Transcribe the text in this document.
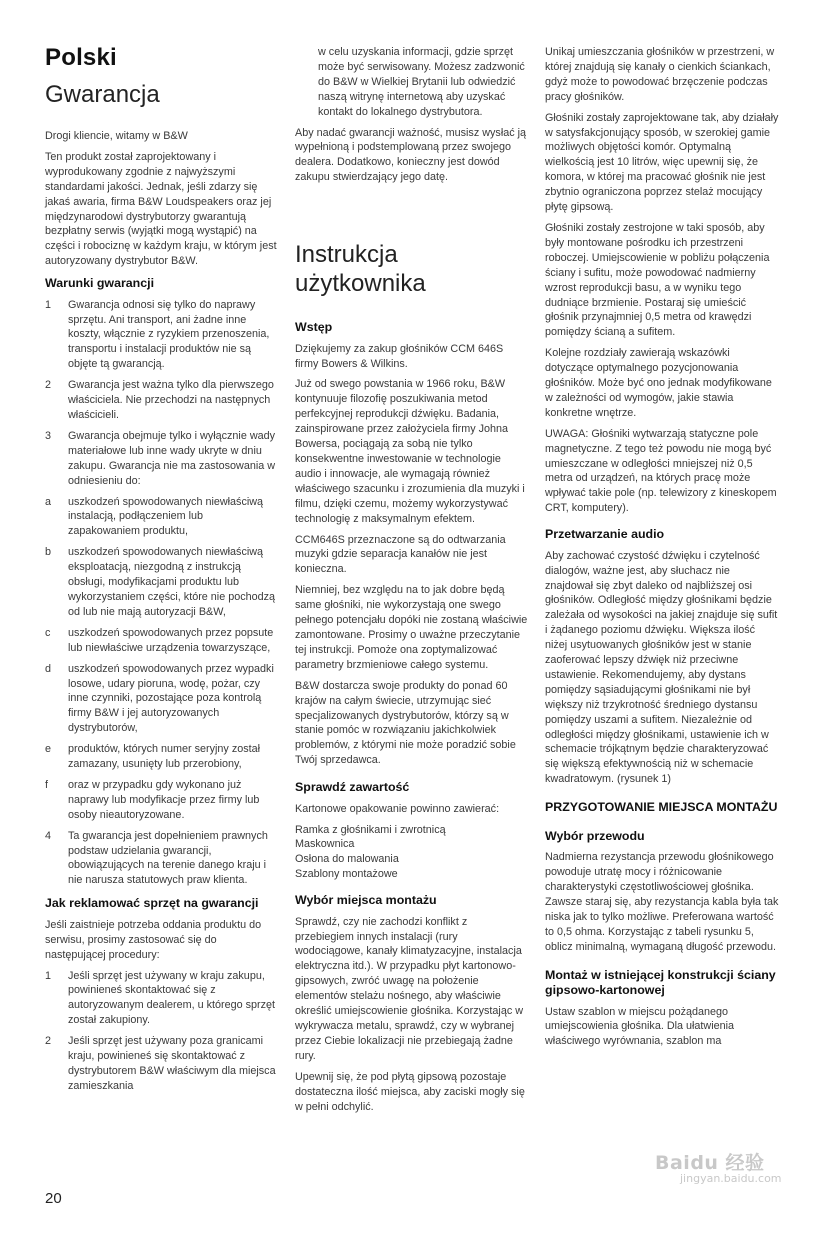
Polski
Gwarancja

Drogi kliencie, witamy w B&W

Ten produkt został zaprojektowany i wyprodukowany zgodnie z najwyższymi standardami jakości. Jednak, jeśli zdarzy się jakaś awaria, firma B&W Loudspeakers oraz jej międzynarodowi dystrybutorzy gwarantują bezpłatny serwis (wyjątki mogą wystąpić) na części i robociznę w każdym kraju, w którym jest autoryzowany dystrybutor B&W.

Warunki gwarancji
1 Gwarancja odnosi się tylko do naprawy sprzętu. Ani transport, ani żadne inne koszty, włącznie z ryzykiem przenoszenia, transportu i instalacji produktów nie są objęte tą gwarancją.
2 Gwarancja jest ważna tylko dla pierwszego właściciela. Nie przechodzi na następnych właścicieli.
3 Gwarancja obejmuje tylko i wyłącznie wady materiałowe lub inne wady ukryte w dniu zakupu. Gwarancja nie ma zastosowania w odniesieniu do:
a uszkodzeń spowodowanych niewłaściwą instalacją, podłączeniem lub zapakowaniem produktu,
b uszkodzeń spowodowanych niewłaściwą eksploatacją, niezgodną z instrukcją obsługi, modyfikacjami produktu lub wykorzystaniem części, które nie pochodzą od lub nie mają autoryzacji B&W,
c uszkodzeń spowodowanych przez popsute lub niewłaściwe urządzenia towarzyszące,
d uszkodzeń spowodowanych przez wypadki losowe, udary pioruna, wodę, pożar, czy inne czynniki, pozostające poza kontrolą firmy B&W i jej autoryzowanych dystrybutorów,
e produktów, których numer seryjny został zamazany, usunięty lub przerobiony,
f oraz w przypadku gdy wykonano już naprawy lub modyfikacje przez firmy lub osoby nieautoryzowane.
4 Ta gwarancja jest dopełnieniem prawnych podstaw udzielania gwarancji, obowiązujących na terenie danego kraju i nie narusza statutowych praw klienta.
Jak reklamować sprzęt na gwarancji

Jeśli zaistnieje potrzeba oddania produktu do serwisu, prosimy zastosować się do następującej procedury:

1 Jeśli sprzęt jest używany w kraju zakupu, powinieneś skontaktować się z autoryzowanym dealerem, u którego sprzęt został zakupiony.
2 Jeśli sprzęt jest używany poza granicami kraju, powinieneś się skontaktować z dystrybutorem B&W właściwym dla miejsca zamieszkania

w celu uzyskania informacji, gdzie sprzęt może być serwisowany. Możesz zadzwonić do B&W w Wielkiej Brytanii lub odwiedzić naszą witrynę internetową aby uzyskać kontakt do lokalnego dystrybutora.

Aby nadać gwarancji ważność, musisz wysłać ją wypełnioną i podstemplowaną przez swojego dealera. Dodatkowo, konieczny jest dowód zakupu stwierdzający jego datę.

Instrukcja
użytkownika
Wstęp

Dziękujemy za zakup głośników CCM 646S firmy Bowers & Wilkins.

Już od swego powstania w 1966 roku, B&W kontynuuje filozofię poszukiwania metod perfekcyjnej reprodukcji dźwięku. Badania, zainspirowane przez założyciela firmy Johna Bowersa, pociągają za sobą nie tylko konsekwentne inwestowanie w technologie audio i innowacje, ale wymagają również właściwego szacunku i zrozumienia dla muzyki i filmu, dzięki czemu, możemy wykorzystywać technologię z maksymalnym efektem.

CCM646S przeznaczone są do odtwarzania muzyki gdzie separacja kanałów nie jest konieczna.

Niemniej, bez względu na to jak dobre będą same głośniki, nie wykorzystają one swego pełnego potencjału dopóki nie zostaną właściwie zamontowane. Prosimy o uważne przeczytanie tej instrukcji. Pomoże ona zoptymalizować parametry brzmieniowe całego systemu.

B&W dostarcza swoje produkty do ponad 60 krajów na całym świecie, utrzymując sieć specjalizowanych dystrybutorów, którzy są w stanie pomóc w rozwiązaniu jakichkolwiek problemów, z którymi nie może poradzić sobie Twój sprzedawca.

Sprawdź zawartość

Kartonowe opakowanie powinno zawierać:

Ramka z głośnikami i zwrotnicą

Maskownica

Osłona do malowania

Szablony montażowe

Wybór miejsca montażu

Sprawdź, czy nie zachodzi konflikt z przebiegiem innych instalacji (rury wodociągowe, kanały klimatyzacyjne, instalacja elektryczna itd.). W przypadku płyt kartonowo-gipsowych, zwróć uwagę na położenie elementów stelażu nośnego, aby właściwie określić umiejscowienie głośnika. Korzystając w wykrywacza metalu, sprawdź, czy w wybranej przez Ciebie lokalizacji nie przebiegają żadne rury.

Upewnij się, że pod płytą gipsową pozostaje dostateczna ilość miejsca, aby zaciski mogły się w pełni odchylić.

Unikaj umieszczania głośników w przestrzeni, w której znajdują się kanały o cienkich ściankach, gdyż może to powodować brzęczenie podczas pracy głośników.

Głośniki zostały zaprojektowane tak, aby działały w satysfakcjonujący sposób, w szerokiej gamie możliwych objętości komór. Optymalną wielkością jest 10 litrów, więc upewnij się, że komora, w której ma pracować głośnik nie jest zbytnio ograniczona poprzez stelaż mocujący płytę gipsową.

Głośniki zostały zestrojone w taki sposób, aby były montowane pośrodku ich przestrzeni roboczej. Umiejscowienie w pobliżu połączenia ściany i sufitu, może powodować nadmierny wzrost reprodukcji basu, a w wyniku tego dudniące brzmienie. Postaraj się umieścić głośnik przynajmniej 0,5 metra od krawędzi pomiędzy ścianą a sufitem.

Kolejne rozdziały zawierają wskazówki dotyczące optymalnego pozycjonowania głośników. Może być ono jednak modyfikowane w zależności od wymogów, jakie stawia konkretne wnętrze.

UWAGA: Głośniki wytwarzają statyczne pole magnetyczne. Z tego też powodu nie mogą być umieszczane w odległości mniejszej niż 0,5 metra od urządzeń, na których pracę może wpływać takie pole (np. telewizory z kineskopem CRT, komputery).

Przetwarzanie audio

Aby zachować czystość dźwięku i czytelność dialogów, ważne jest, aby słuchacz nie znajdował się zbyt daleko od najbliższej osi głośników. Odległość między głośnikami będzie zależała od wysokości na jakiej znajduje się sufit i żądanego poziomu dźwięku. Większa ilość niżej usytuowanych głośników jest w stanie zaoferować lepszy dźwięk niż przeciwne ustawienie. Rekomendujemy, aby dystans pomiędzy sąsiadującymi głośnikami nie był większy niż trzykrotność średniego dystansu pomiędzy uszami a sufitem. Niezależnie od odległości między głośnikami, ustawienie ich w schemacie trójkątnym będzie charakteryzować się większą efektywnością niż w schemacie kwadratowym. (rysunek 1)

PRZYGOTOWANIE MIEJSCA MONTAŻU
Wybór przewodu

Nadmierna rezystancja przewodu głośnikowego powoduje utratę mocy i różnicowanie charakterystyki częstotliwościowej głośnika. Zawsze staraj się, aby rezystancja kabla była tak niska jak to tylko możliwe. Preferowana wartość to 0,5 ohma. Korzystając z tabeli rysunku 5, oblicz minimalną, wymaganą długość przewodu.

Montaż w istniejącej konstrukcji ściany gipsowo-kartonowej

Ustaw szablon w miejscu pożądanego umiejscowienia głośnika. Dla ułatwienia właściwego wyrównania, szablon ma

20
Baidu 经验
jingyan.baidu.com
